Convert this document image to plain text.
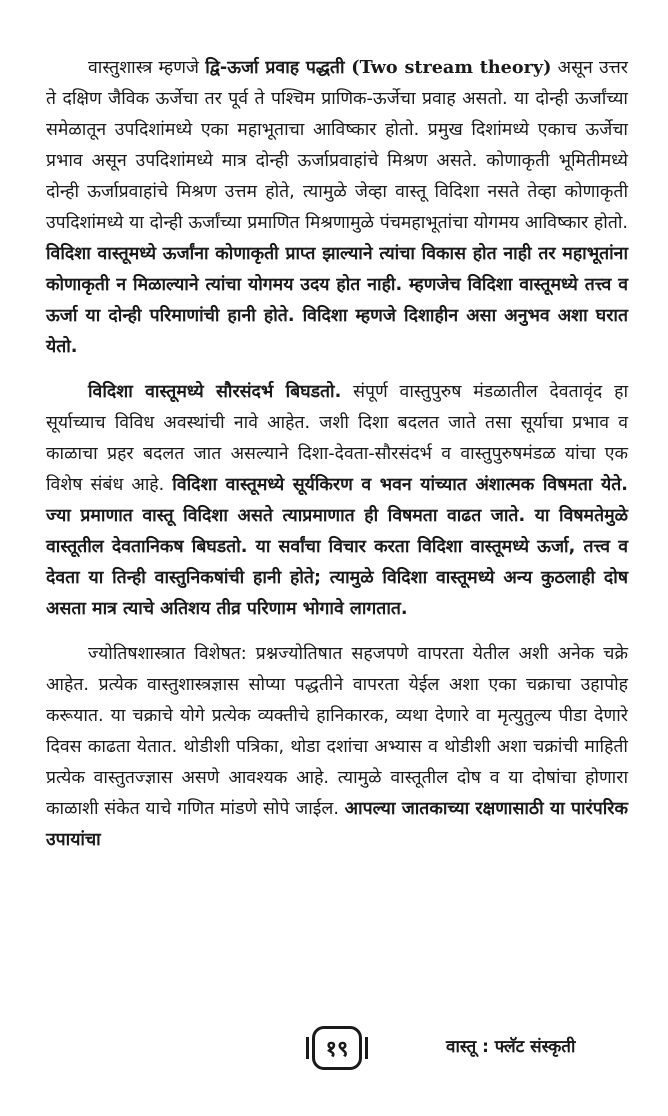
वास्तुशास्त्र म्हणजे द्वि-ऊर्जा प्रवाह पद्धती (Two stream theory) असून उत्तर ते दक्षिण जैविक ऊर्जेचा तर पूर्व ते पश्चिम प्राणिक-ऊर्जेचा प्रवाह असतो. या दोन्ही ऊर्जांच्या समेळातून उपदिशांमध्ये एका महाभूताचा आविष्कार होतो. प्रमुख दिशांमध्ये एकाच ऊर्जेचा प्रभाव असून उपदिशांमध्ये मात्र दोन्ही ऊर्जाप्रवाहांचे मिश्रण असते. कोणाकृती भूमितीमध्ये दोन्ही ऊर्जाप्रवाहांचे मिश्रण उत्तम होते, त्यामुळे जेव्हा वास्तू विदिशा नसते तेव्हा कोणाकृती उपदिशांमध्ये या दोन्ही ऊर्जांच्या प्रमाणित मिश्रणामुळे पंचमहाभूतांचा योगमय आविष्कार होतो. विदिशा वास्तूमध्ये ऊर्जांना कोणाकृती प्राप्त झाल्याने त्यांचा विकास होत नाही तर महाभूतांना कोणाकृती न मिळाल्याने त्यांचा योगमय उदय होत नाही. म्हणजेच विदिशा वास्तूमध्ये तत्त्व व ऊर्जा या दोन्ही परिमाणांची हानी होते. विदिशा म्हणजे दिशाहीन असा अनुभव अशा घरात येतो.

विदिशा वास्तूमध्ये सौरसंदर्भ बिघडतो. संपूर्ण वास्तुपुरुष मंडळातील देवतावृंद हा सूर्याच्याच विविध अवस्थांची नावे आहेत. जशी दिशा बदलत जाते तसा सूर्याचा प्रभाव व काळाचा प्रहर बदलत जात असल्याने दिशा-देवता-सौरसंदर्भ व वास्तुपुरुषमंडळ यांचा एक विशेष संबंध आहे. विदिशा वास्तूमध्ये सूर्यकिरण व भवन यांच्यात अंशात्मक विषमता येते. ज्या प्रमाणात वास्तू विदिशा असते त्याप्रमाणात ही विषमता वाढत जाते. या विषमतेमुळे वास्तूतील देवतानिकष बिघडतो. या सर्वांचा विचार करता विदिशा वास्तूमध्ये ऊर्जा, तत्त्व व देवता या तिन्ही वास्तुनिकषांची हानी होते; त्यामुळे विदिशा वास्तूमध्ये अन्य कुठलाही दोष असता मात्र त्याचे अतिशय तीव्र परिणाम भोगावे लागतात.

ज्योतिषशास्त्रात विशेषत: प्रश्नज्योतिषात सहजपणे वापरता येतील अशी अनेक चक्रे आहेत. प्रत्येक वास्तुशास्त्रज्ञास सोप्या पद्धतीने वापरता येईल अशा एका चक्राचा उहापोह करूयात. या चक्राचे योगे प्रत्येक व्यक्तीचे हानिकारक, व्यथा देणारे वा मृत्युतुल्य पीडा देणारे दिवस काढता येतात. थोडीशी पत्रिका, थोडा दशांचा अभ्यास व थोडीशी अशा चक्रांची माहिती प्रत्येक वास्तुतज्ज्ञास असणे आवश्यक आहे. त्यामुळे वास्तूतील दोष व या दोषांचा होणारा काळाशी संकेत याचे गणित मांडणे सोपे जाईल. आपल्या जातकाच्या रक्षणासाठी या पारंपरिक उपायांचा

१९	वास्तू : फ्लॅट संस्कृती
